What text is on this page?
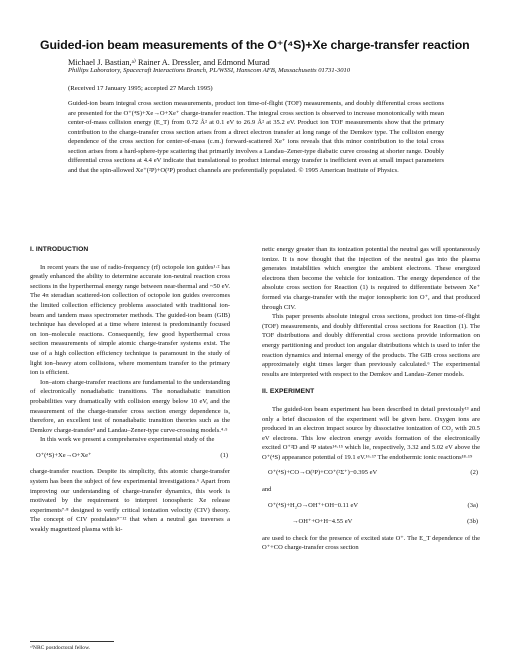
Guided-ion beam measurements of the O⁺(⁴S)+Xe charge-transfer reaction
Michael J. Bastian,ᵃ⁾ Rainer A. Dressler, and Edmond Murad
Phillips Laboratory, Spacecraft Interactions Branch, PL/WSSI, Hanscom AFB, Massachusetts 01731-3010
(Received 17 January 1995; accepted 27 March 1995)
Guided-ion beam integral cross section measurements, product ion time-of-flight (TOF) measurements, and doubly differential cross sections are presented for the O⁺(⁴S)+Xe→O+Xe⁺ charge-transfer reaction. The integral cross section is observed to increase monotonically with mean center-of-mass collision energy (E_T) from 0.72 Å² at 0.1 eV to 26.9 Å² at 35.2 eV. Product ion TOF measurements show that the primary contribution to the charge-transfer cross section arises from a direct electron transfer at long range of the Demkov type. The collision energy dependence of the cross section for center-of-mass (c.m.) forward-scattered Xe⁺ ions reveals that this minor contribution to the total cross section arises from a hard-sphere-type scattering that primarily involves a Landau–Zener-type diabatic curve crossing at shorter range. Doubly differential cross sections at 4.4 eV indicate that translational to product internal energy transfer is inefficient even at small impact parameters and that the spin-allowed Xe⁺(²P)+O(³P) product channels are preferentially populated. © 1995 American Institute of Physics.
I. INTRODUCTION

In recent years the use of radio-frequency (rf) octopole ion guides¹·² has greatly enhanced the ability to determine accurate ion-neutral reaction cross sections in the hyperthermal energy range between near-thermal and ~50 eV. The 4π steradian scattered-ion collection of octopole ion guides overcomes the limited collection efficiency problems associated with traditional ion-beam and tandem mass spectrometer methods. The guided-ion beam (GIB) technique has developed at a time where interest is predominantly focused on ion–molecule reactions. Consequently, few good hyperthermal cross section measurements of simple atomic charge-transfer systems exist. The use of a high collection efficiency technique is paramount in the study of light ion–heavy atom collisions, where momentum transfer to the primary ion is efficient.

Ion–atom charge-transfer reactions are fundamental to the understanding of electronically nonadiabatic transitions. The nonadiabatic transition probabilities vary dramatically with collision energy below 10 eV, and the measurement of the charge-transfer cross section energy dependence is, therefore, an excellent test of nonadiabatic transition theories such as the Demkov charge-transfer³ and Landau–Zener-type curve-crossing models.⁴·⁵

In this work we present a comprehensive experimental study of the

O⁺(⁴S)+Xe→O+Xe⁺	(1)

charge-transfer reaction. Despite its simplicity, this atomic charge-transfer system has been the subject of few experimental investigations.⁶ Apart from improving our understanding of charge-transfer dynamics, this work is motivated by the requirement to interpret ionospheric Xe release experiments⁷·⁸ designed to verify critical ionization velocity (CIV) theory. The concept of CIV postulates⁹⁻¹² that when a neutral gas traverses a weakly magnetized plasma with ki-

netic energy greater than its ionization potential the neutral gas will spontaneously ionize. It is now thought that the injection of the neutral gas into the plasma generates instabilities which energize the ambient electrons. These energized electrons then become the vehicle for ionization. The energy dependence of the absolute cross section for Reaction (1) is required to differentiate between Xe⁺ formed via charge-transfer with the major ionospheric ion O⁺, and that produced through CIV.

This paper presents absolute integral cross sections, product ion time-of-flight (TOF) measurements, and doubly differential cross sections for Reaction (1). The TOF distributions and doubly differential cross sections provide information on energy partitioning and product ion angular distributions which is used to infer the reaction dynamics and internal energy of the products. The GIB cross sections are approximately eight times larger than previously calculated.⁶ The experimental results are interpreted with respect to the Demkov and Landau–Zener models.

II. EXPERIMENT

The guided-ion beam experiment has been described in detail previously¹³ and only a brief discussion of the experiment will be given here. Oxygen ions are produced in an electron impact source by dissociative ionization of CO₂ with 20.5 eV electrons. This low electron energy avoids formation of the electronically excited O⁺²D and ²P states¹⁴·¹⁵ which lie, respectively, 3.32 and 5.02 eV above the O⁺(⁴S) appearance potential of 19.1 eV.¹⁶·¹⁷ The endothermic ionic reactions¹⁸·¹⁹

O⁺(⁴S)+CO→O(³P)+CO⁺(²Σ⁺)−0.395 eV	(2)

and

O⁺(⁴S)+H₂O→OH⁺+OH−0.11 eV	(3a)
→OH⁺+O+H−4.55 eV	(3b)

are used to check for the presence of excited state O⁺. The E_T dependence of the O⁺+CO charge-transfer cross section

ᵃ⁾NRC postdoctoral fellow.
